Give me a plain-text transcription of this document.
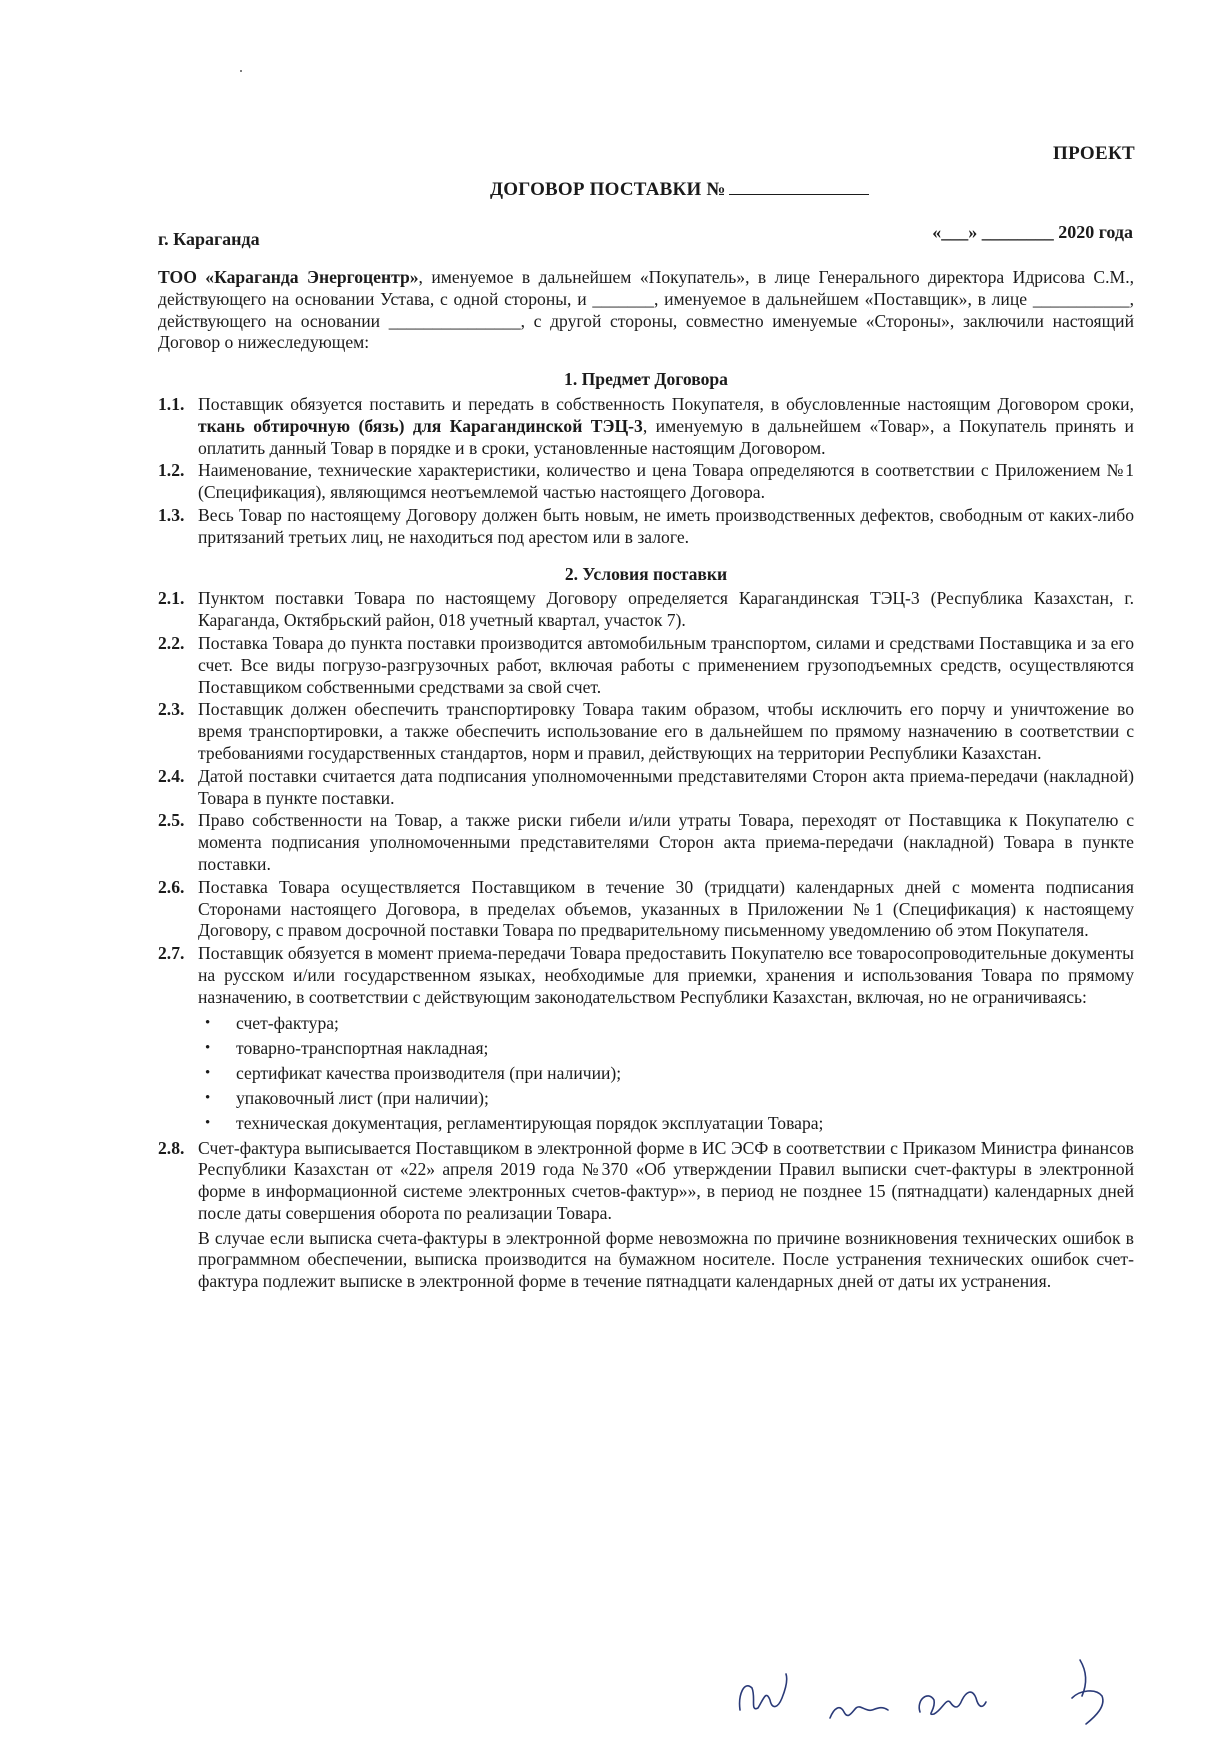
ПРОЕКТ
ДОГОВОР ПОСТАВКИ №
г. Караганда	«___» ________ 2020 года

ТОО «Караганда Энергоцентр», именуемое в дальнейшем «Покупатель», в лице Генерального директора Идрисова С.М., действующего на основании Устава, с одной стороны, и _______, именуемое в дальнейшем «Поставщик», в лице ___________, действующего на основании _______________, с другой стороны, совместно именуемые «Стороны», заключили настоящий Договор о нижеследующем:

1. Предмет Договора
1.1. Поставщик обязуется поставить и передать в собственность Покупателя, в обусловленные настоящим Договором сроки, ткань обтирочную (бязь) для Карагандинской ТЭЦ-3, именуемую в дальнейшем «Товар», а Покупатель принять и оплатить данный Товар в порядке и в сроки, установленные настоящим Договором.
1.2. Наименование, технические характеристики, количество и цена Товара определяются в соответствии с Приложением №1 (Спецификация), являющимся неотъемлемой частью настоящего Договора.
1.3. Весь Товар по настоящему Договору должен быть новым, не иметь производственных дефектов, свободным от каких-либо притязаний третьих лиц, не находиться под арестом или в залоге.
2. Условия поставки
2.1. Пунктом поставки Товара по настоящему Договору определяется Карагандинская ТЭЦ-3 (Республика Казахстан, г. Караганда, Октябрьский район, 018 учетный квартал, участок 7).
2.2. Поставка Товара до пункта поставки производится автомобильным транспортом, силами и средствами Поставщика и за его счет. Все виды погрузо-разгрузочных работ, включая работы с применением грузоподъемных средств, осуществляются Поставщиком собственными средствами за свой счет.
2.3. Поставщик должен обеспечить транспортировку Товара таким образом, чтобы исключить его порчу и уничтожение во время транспортировки, а также обеспечить использование его в дальнейшем по прямому назначению в соответствии с требованиями государственных стандартов, норм и правил, действующих на территории Республики Казахстан.
2.4. Датой поставки считается дата подписания уполномоченными представителями Сторон акта приема-передачи (накладной) Товара в пункте поставки.
2.5. Право собственности на Товар, а также риски гибели и/или утраты Товара, переходят от Поставщика к Покупателю с момента подписания уполномоченными представителями Сторон акта приема-передачи (накладной) Товара в пункте поставки.
2.6. Поставка Товара осуществляется Поставщиком в течение 30 (тридцати) календарных дней с момента подписания Сторонами настоящего Договора, в пределах объемов, указанных в Приложении №1 (Спецификация) к настоящему Договору, с правом досрочной поставки Товара по предварительному письменному уведомлению об этом Покупателя.
2.7. Поставщик обязуется в момент приема-передачи Товара предоставить Покупателю все товаросопроводительные документы на русском и/или государственном языках, необходимые для приемки, хранения и использования Товара по прямому назначению, в соответствии с действующим законодательством Республики Казахстан, включая, но не ограничиваясь:
• счет-фактура;
• товарно-транспортная накладная;
• сертификат качества производителя (при наличии);
• упаковочный лист (при наличии);
• техническая документация, регламентирующая порядок эксплуатации Товара;
2.8. Счет-фактура выписывается Поставщиком в электронной форме в ИС ЭСФ в соответствии с Приказом Министра финансов Республики Казахстан от «22» апреля 2019 года №370 «Об утверждении Правил выписки счет-фактуры в электронной форме в информационной системе электронных счетов-фактур»», в период не позднее 15 (пятнадцати) календарных дней после даты совершения оборота по реализации Товара.
В случае если выписка счета-фактуры в электронной форме невозможна по причине возникновения технических ошибок в программном обеспечении, выписка производится на бумажном носителе. После устранения технических ошибок счет-фактура подлежит выписке в электронной форме в течение пятнадцати календарных дней от даты их устранения.
